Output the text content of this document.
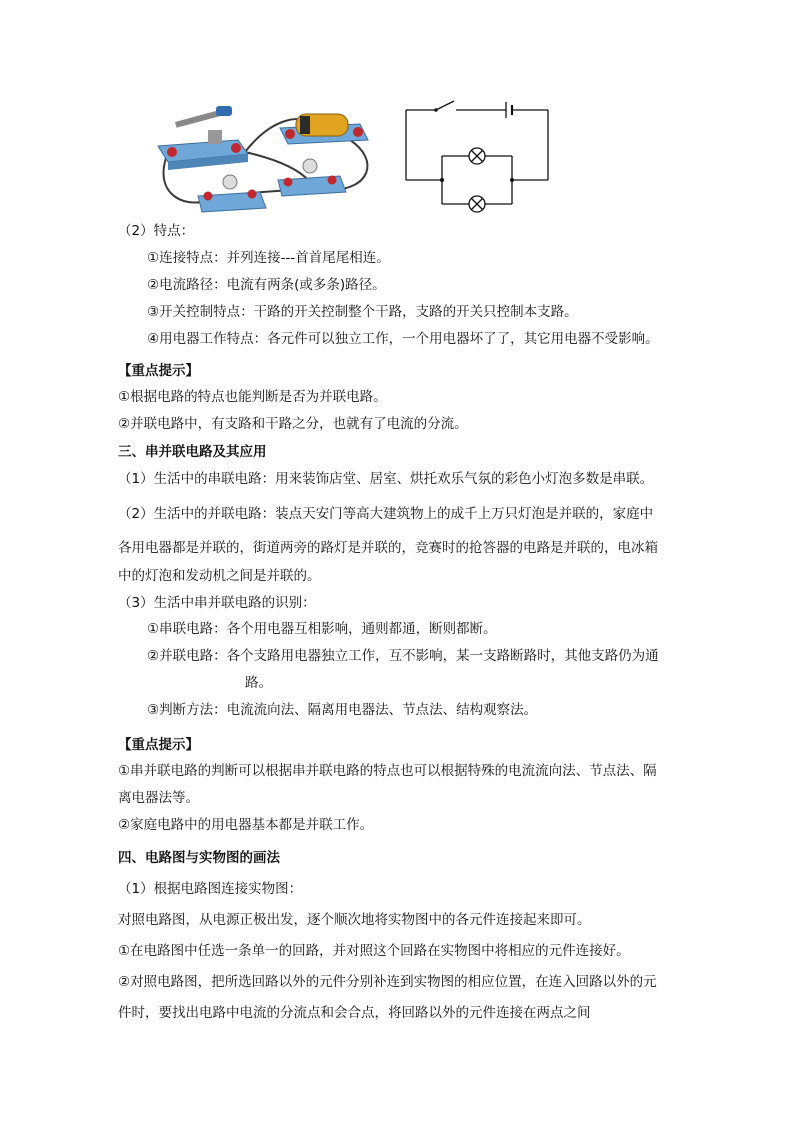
（2）特点：
①连接特点：并列连接---首首尾尾相连。
②电流路径：电流有两条(或多条)路径。
③开关控制特点：干路的开关控制整个干路，支路的开关只控制本支路。
④用电器工作特点：各元件可以独立工作，一个用电器坏了了，其它用电器不受影响。
【重点提示】
①根据电路的特点也能判断是否为并联电路。
②并联电路中，有支路和干路之分，也就有了电流的分流。
三、串并联电路及其应用
（1）生活中的串联电路：用来装饰店堂、居室、烘托欢乐气氛的彩色小灯泡多数是串联。
（2）生活中的并联电路：装点天安门等高大建筑物上的成千上万只灯泡是并联的，家庭中
各用电器都是并联的，街道两旁的路灯是并联的，竞赛时的抢答器的电路是并联的，电冰箱
中的灯泡和发动机之间是并联的。
（3）生活中串并联电路的识别：
①串联电路：各个用电器互相影响，通则都通，断则都断。
②并联电路：各个支路用电器独立工作，互不影响，某一支路断路时，其他支路仍为通
路。
③判断方法：电流流向法、隔离用电器法、节点法、结构观察法。
【重点提示】
①串并联电路的判断可以根据串并联电路的特点也可以根据特殊的电流流向法、节点法、隔
离电器法等。
②家庭电路中的用电器基本都是并联工作。
四、电路图与实物图的画法
（1）根据电路图连接实物图：
对照电路图，从电源正极出发，逐个顺次地将实物图中的各元件连接起来即可。
①在电路图中任选一条单一的回路，并对照这个回路在实物图中将相应的元件连接好。
②对照电路图，把所选回路以外的元件分别补连到实物图的相应位置，在连入回路以外的元
件时，要找出电路中电流的分流点和会合点，将回路以外的元件连接在两点之间
